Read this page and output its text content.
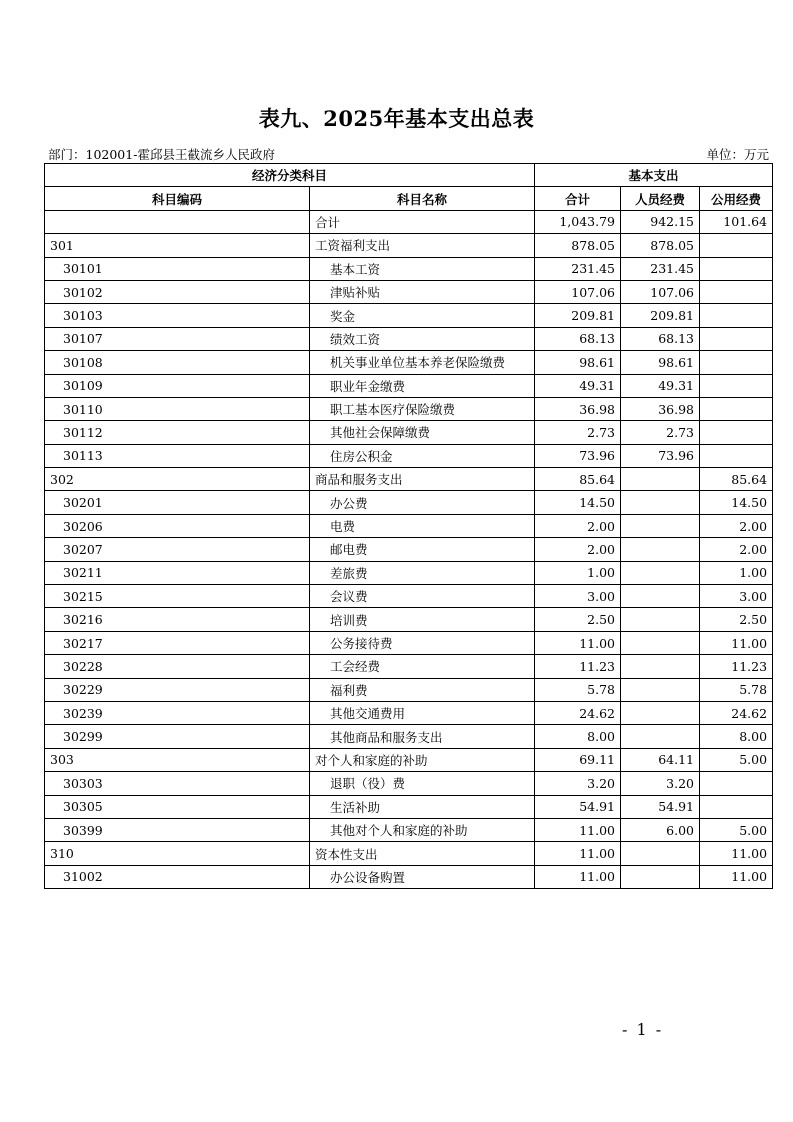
表九、2025年基本支出总表
部门：102001-霍邱县王截流乡人民政府	单位：万元
经济分类科目		基本支出		
科目编码	科目名称	合计	人员经费	公用经费
	合计	1,043.79	942.15	101.64
301	工资福利支出	878.05	878.05	
30101	基本工资	231.45	231.45	
30102	津贴补贴	107.06	107.06	
30103	奖金	209.81	209.81	
30107	绩效工资	68.13	68.13	
30108	机关事业单位基本养老保险缴费	98.61	98.61	
30109	职业年金缴费	49.31	49.31	
30110	职工基本医疗保险缴费	36.98	36.98	
30112	其他社会保障缴费	2.73	2.73	
30113	住房公积金	73.96	73.96	
302	商品和服务支出	85.64		85.64
30201	办公费	14.50		14.50
30206	电费	2.00		2.00
30207	邮电费	2.00		2.00
30211	差旅费	1.00		1.00
30215	会议费	3.00		3.00
30216	培训费	2.50		2.50
30217	公务接待费	11.00		11.00
30228	工会经费	11.23		11.23
30229	福利费	5.78		5.78
30239	其他交通费用	24.62		24.62
30299	其他商品和服务支出	8.00		8.00
303	对个人和家庭的补助	69.11	64.11	5.00
30303	退职（役）费	3.20	3.20	
30305	生活补助	54.91	54.91	
30399	其他对个人和家庭的补助	11.00	6.00	5.00
310	资本性支出	11.00		11.00
31002	办公设备购置	11.00		11.00
- 1 -
